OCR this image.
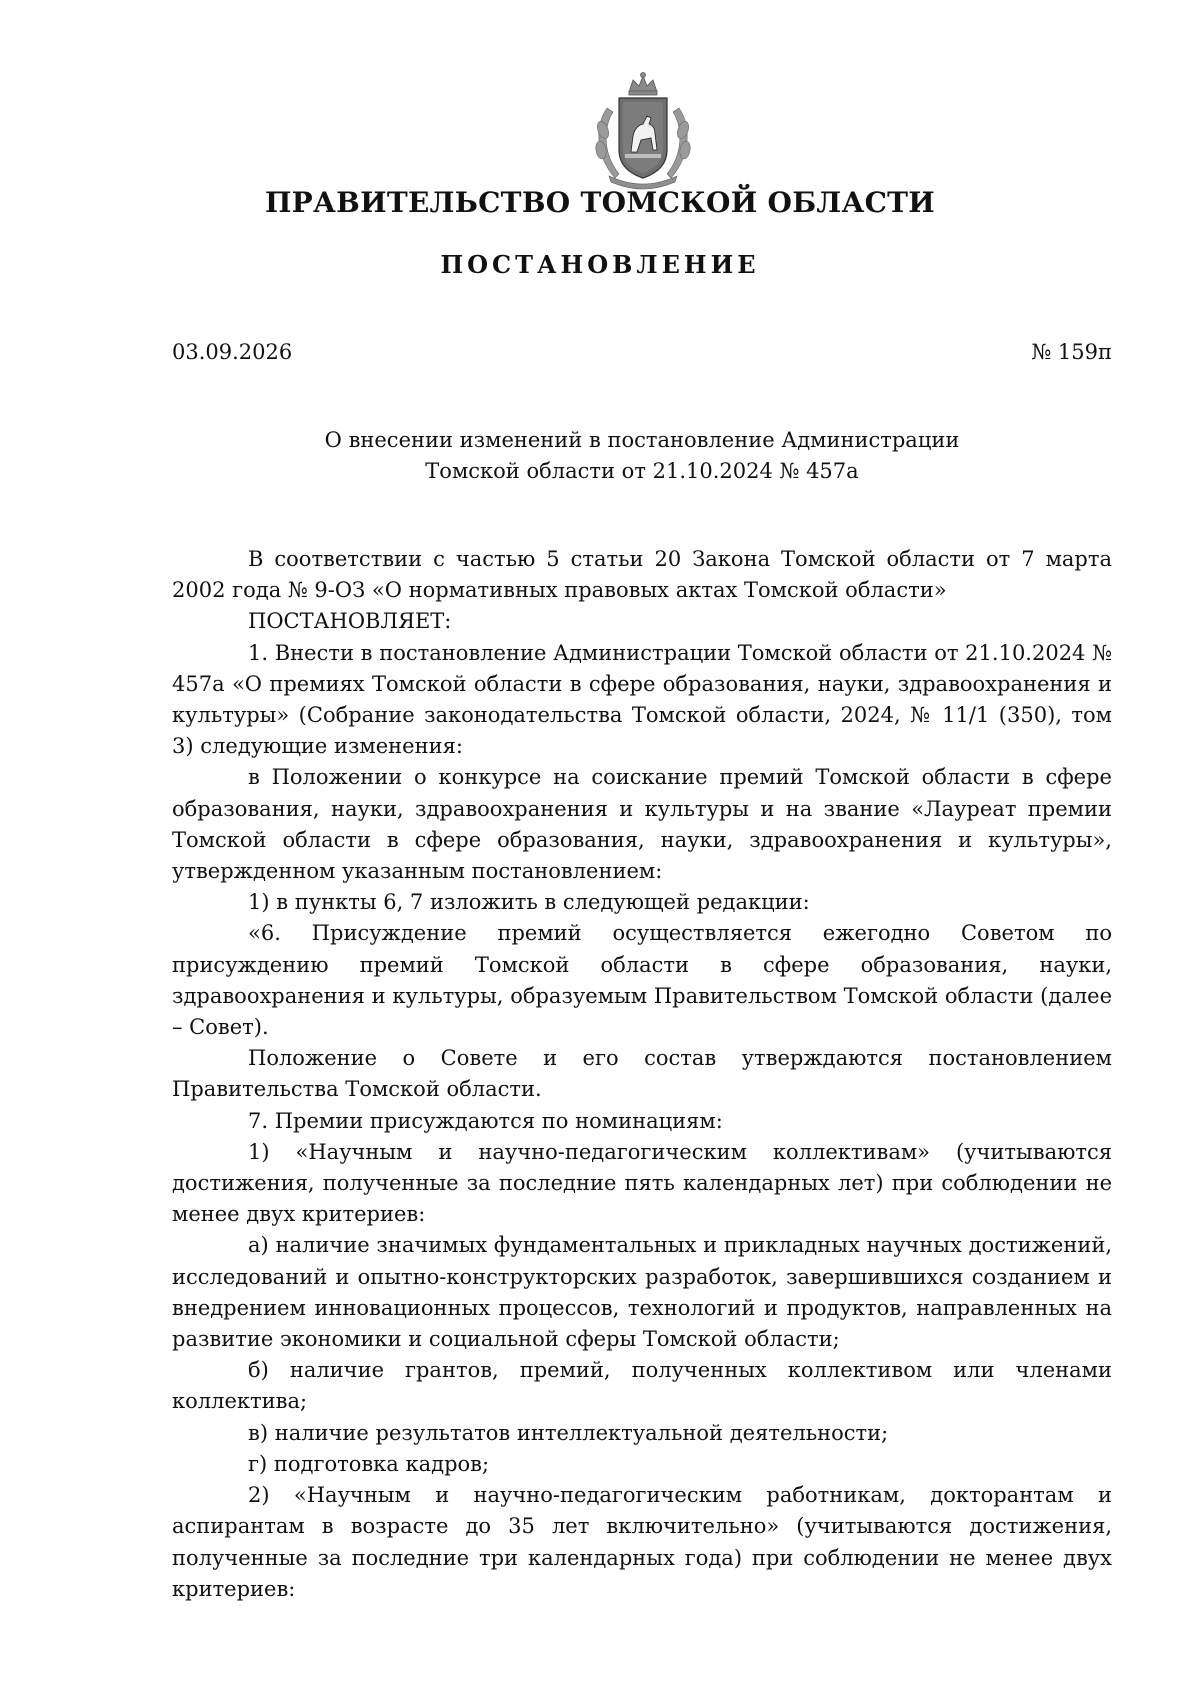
ПРАВИТЕЛЬСТВО ТОМСКОЙ ОБЛАСТИ
ПОСТАНОВЛЕНИЕ
03.09.2026	№ 159п
О внесении изменений в постановление Администрации
Томской области от 21.10.2024 № 457а

В соответствии с частью 5 статьи 20 Закона Томской области от 7 марта 2002 года № 9-ОЗ «О нормативных правовых актах Томской области»

ПОСТАНОВЛЯЕТ:

1. Внести в постановление Администрации Томской области от 21.10.2024 № 457а «О премиях Томской области в сфере образования, науки, здравоохранения и культуры» (Собрание законодательства Томской области, 2024, № 11/1 (350), том 3) следующие изменения:

в Положении о конкурсе на соискание премий Томской области в сфере образования, науки, здравоохранения и культуры и на звание «Лауреат премии Томской области в сфере образования, науки, здравоохранения и культуры», утвержденном указанным постановлением:

1) в пункты 6, 7 изложить в следующей редакции:

«6. Присуждение премий осуществляется ежегодно Советом по присуждению премий Томской области в сфере образования, науки, здравоохранения и культуры, образуемым Правительством Томской области (далее – Совет).

Положение о Совете и его состав утверждаются постановлением Правительства Томской области.

7. Премии присуждаются по номинациям:

1) «Научным и научно-педагогическим коллективам» (учитываются достижения, полученные за последние пять календарных лет) при соблюдении не менее двух критериев:

а) наличие значимых фундаментальных и прикладных научных достижений, исследований и опытно-конструкторских разработок, завершившихся созданием и внедрением инновационных процессов, технологий и продуктов, направленных на развитие экономики и социальной сферы Томской области;

б) наличие грантов, премий, полученных коллективом или членами коллектива;

в) наличие результатов интеллектуальной деятельности;

г) подготовка кадров;

2) «Научным и научно-педагогическим работникам, докторантам и аспирантам в возрасте до 35 лет включительно» (учитываются достижения, полученные за последние три календарных года) при соблюдении не менее двух критериев:
